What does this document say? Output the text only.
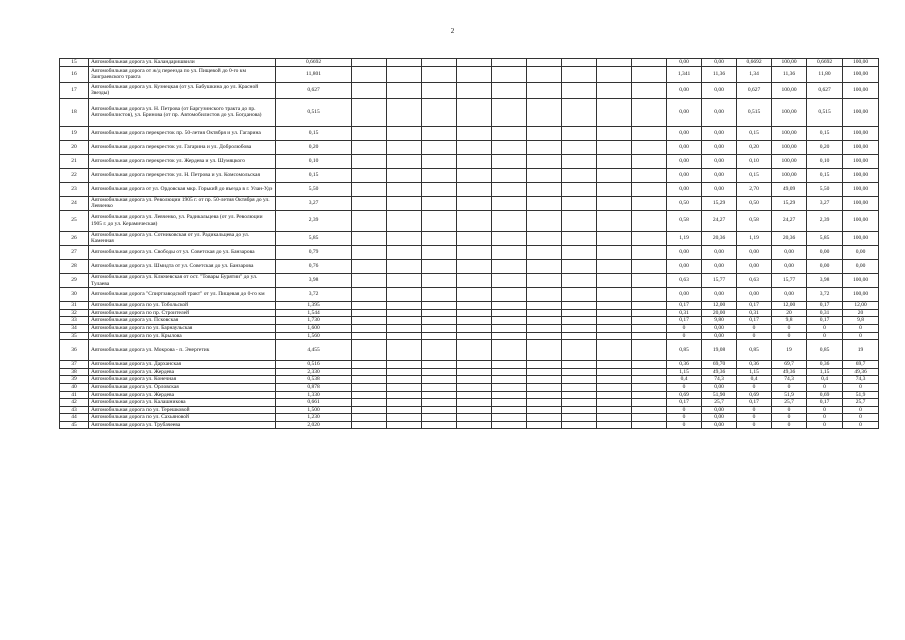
2
15	Автомобильная дорога ул. Каландаришвили	0,6692										0,00	0,00	0,6692	100,00	0,6692	100,00
16	Автомобильная дорога от ж/д переезда по ул. Пищевой до 0-го км Заиграевского тракта	11,801										1,341	11,36	1,34	11,36	11,80	100,00
17	Автомобильная дорога ул. Кузнецкая (от ул. Бабушкина до ул. Красной Звезды)	0,627										0,00	0,00	0,627	100,00	0,627	100,00
18	Автомобильная дорога ул. Н. Петрова (от Баргузинского тракта до пр. Автомобилистов), ул. Бринова (от пр. Автомобилистов до ул. Богданова)	0,515										0,00	0,00	0,515	100,00	0,515	100,00
19	Автомобильная дорога перекресток пр. 50-летия Октября и ул. Гагарина	0,15										0,00	0,00	0,15	100,00	0,15	100,00
20	Автомобильная дорога перекресток ул. Гагарина и ул. Добролюбова	0,20										0,00	0,00	0,20	100,00	0,20	100,00
21	Автомобильная дорога перекресток ул. Жердева и ул. Шумяцкого	0,10										0,00	0,00	0,10	100,00	0,10	100,00
22	Автомобильная дорога перекресток ул. Н. Петрова и ул. Комсомольская	0,15										0,00	0,00	0,15	100,00	0,15	100,00
23	Автомобильная дорога от ул. Ордовская мкр. Горький до въезда в г. Улан-Удэ	5,50										0,00	0,00	2,70	49,09	5,50	100,00
24	Автомобильная дорога ул. Революции 1905 г. от пр. 50-летия Октября до ул. Левченко	3,27										0,50	15,29	0,50	15,29	3,27	100,00
25	Автомобильная дорога ул. Левченко, ул. Радикальцева (от ул. Революции 1905 г. до ул. Керамическая)	2,39										0,58	24,27	0,58	24,27	2,39	100,00
26	Автомобильная дорога ул. Сотниковская от ул. Радикальцева до ул. Каменная	5,85										1,19	20,36	1,19	20,36	5,85	100,00
27	Автомобильная дорога ул. Свободы от ул. Советская до ул. Банзарова	0,79										0,00	0,00	0,00	0,00	0,00	0,00
28	Автомобильная дорога ул. Шмидта от ул. Советская до ул. Банзарова	0,76										0,00	0,00	0,00	0,00	0,00	0,00
29	Автомобильная дорога ул. Ключевская от ост. "Товары Бурятии" до ул. Тулаева	3,98										0,63	15,77	0,63	15,77	3,98	100,00
30	Автомобильная дорога "Спиртзаводской тракт" от ул. Пищевая до 0-го км	3,72										0,00	0,00	0,00	0,00	3,72	100,00
31	Автомобильная дорога по ул. Тобольской	1,395										0,17	12,00	0,17	12,00	0,17	12,00
32	Автомобильная дорога по пр. Строителей	1,544										0,31	20,00	0,31	20	0,31	20
33	Автомобильная дорога ул. Псковская	1,730										0,17	9,80	0,17	9,8	0,17	9,8
34	Автомобильная дорога по ул. Барнаульская	1,600										0	0,00	0	0	0	0
35	Автомобильная дорога по ул. Крылова	1,560										0	0,00	0	0	0	0
36	Автомобильная дорога ул. Мокрова - п. Энергетик	4,455										0,85	19,08	0,85	19	0,85	19
37	Автомобильная дорога ул. Дарханская	0,516										0,36	69,70	0,36	69,7	0,36	69,7
38	Автомобильная дорога ул. Жердева	2,330										1,15	49,36	1,15	49,36	1,15	49,36
39	Автомобильная дорога ул. Конечная	0,538										0,4	74,3	0,4	74,3	0,4	74,3
40	Автомобильная дорога ул. Орловская	0,878										0	0,00	0	0	0	0
41	Автомобильная дорога ул. Жердева	1,330										0,69	51,90	0,69	51,9	0,69	51,9
42	Автомобильная дорога ул. Калашникова	0,661										0,17	25,7	0,17	25,7	0,17	25,7
43	Автомобильная дорога по ул. Терешковой	1,500										0	0,00	0	0	0	0
44	Автомобильная дорога по ул. Сахьяновой	1,230										0	0,00	0	0	0	0
45	Автомобильная дорога ул. Трубачеева	2,020										0	0,00	0	0	0	0
